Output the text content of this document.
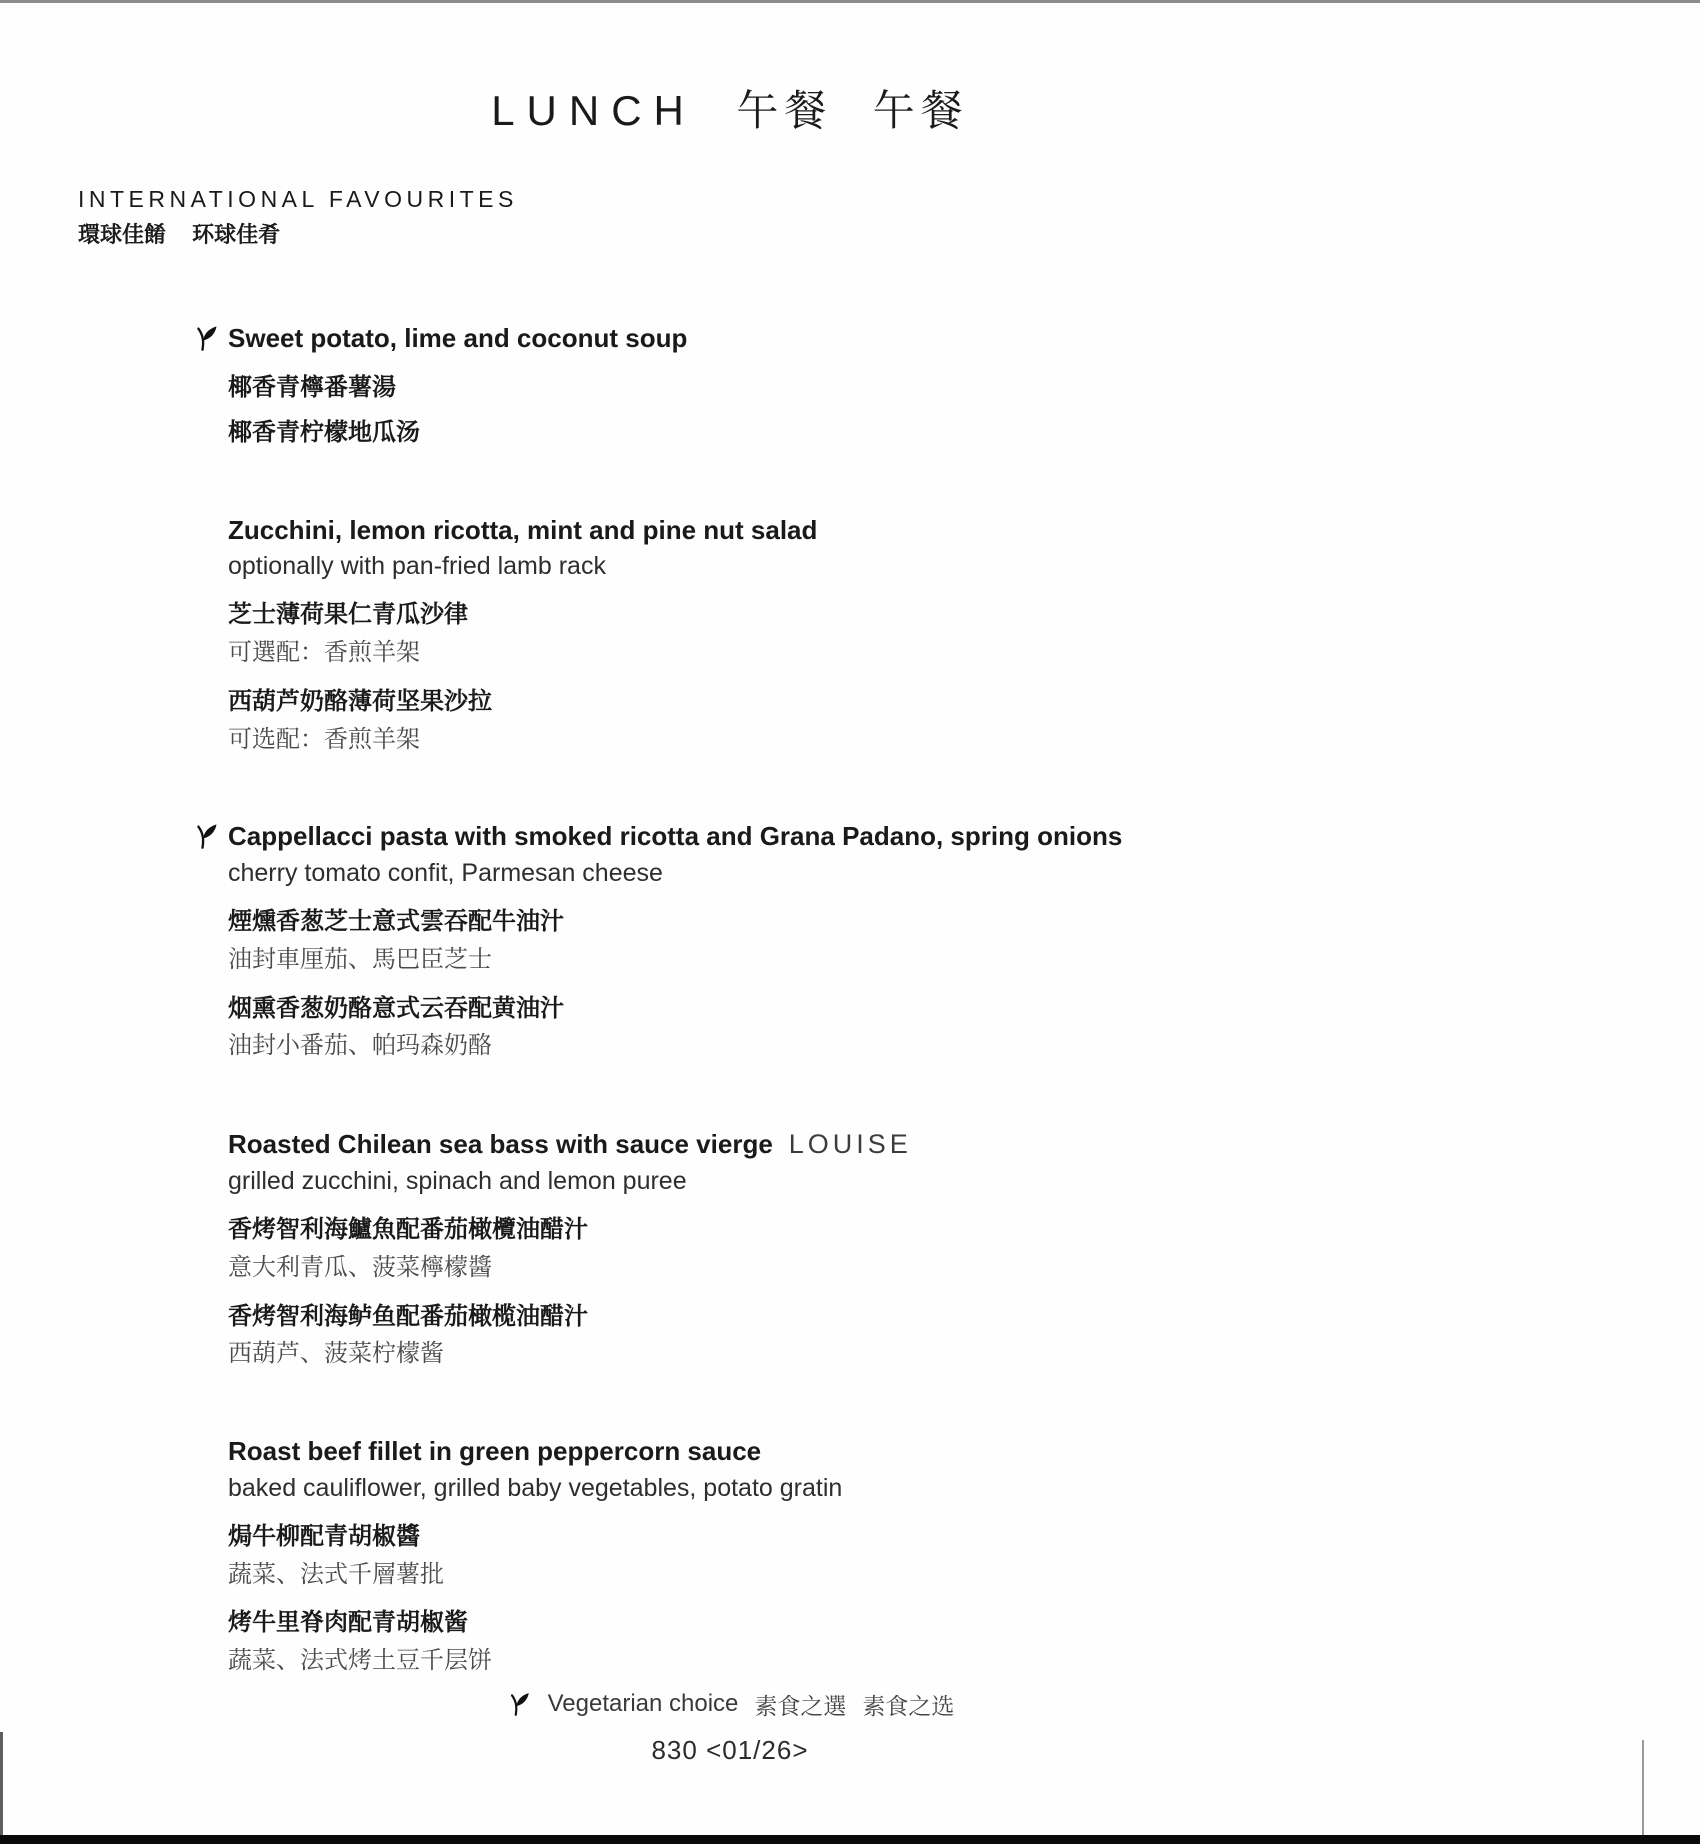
LUNCH 午餐 午餐
INTERNATIONAL FAVOURITES
環球佳餚 环球佳肴
Sweet potato, lime and coconut soup
椰香青檸番薯湯
椰香青柠檬地瓜汤
Zucchini, lemon ricotta, mint and pine nut salad
optionally with pan-fried lamb rack
芝士薄荷果仁青瓜沙律
可選配：香煎羊架
西葫芦奶酪薄荷坚果沙拉
可选配：香煎羊架
Cappellacci pasta with smoked ricotta and Grana Padano, spring onions
cherry tomato confit, Parmesan cheese
煙燻香葱芝士意式雲吞配牛油汁
油封車厘茄、馬巴臣芝士
烟熏香葱奶酪意式云吞配黄油汁
油封小番茄、帕玛森奶酪
Roasted Chilean sea bass with sauce vierge LOUISE
grilled zucchini, spinach and lemon puree
香烤智利海鱸魚配番茄橄欖油醋汁
意大利青瓜、菠菜檸檬醬
香烤智利海鲈鱼配番茄橄榄油醋汁
西葫芦、菠菜柠檬酱
Roast beef fillet in green peppercorn sauce
baked cauliflower, grilled baby vegetables, potato gratin
焗牛柳配青胡椒醬
蔬菜、法式千層薯批
烤牛里脊肉配青胡椒酱
蔬菜、法式烤土豆千层饼
Vegetarian choice 素食之選 素食之选
830 <01/26>
